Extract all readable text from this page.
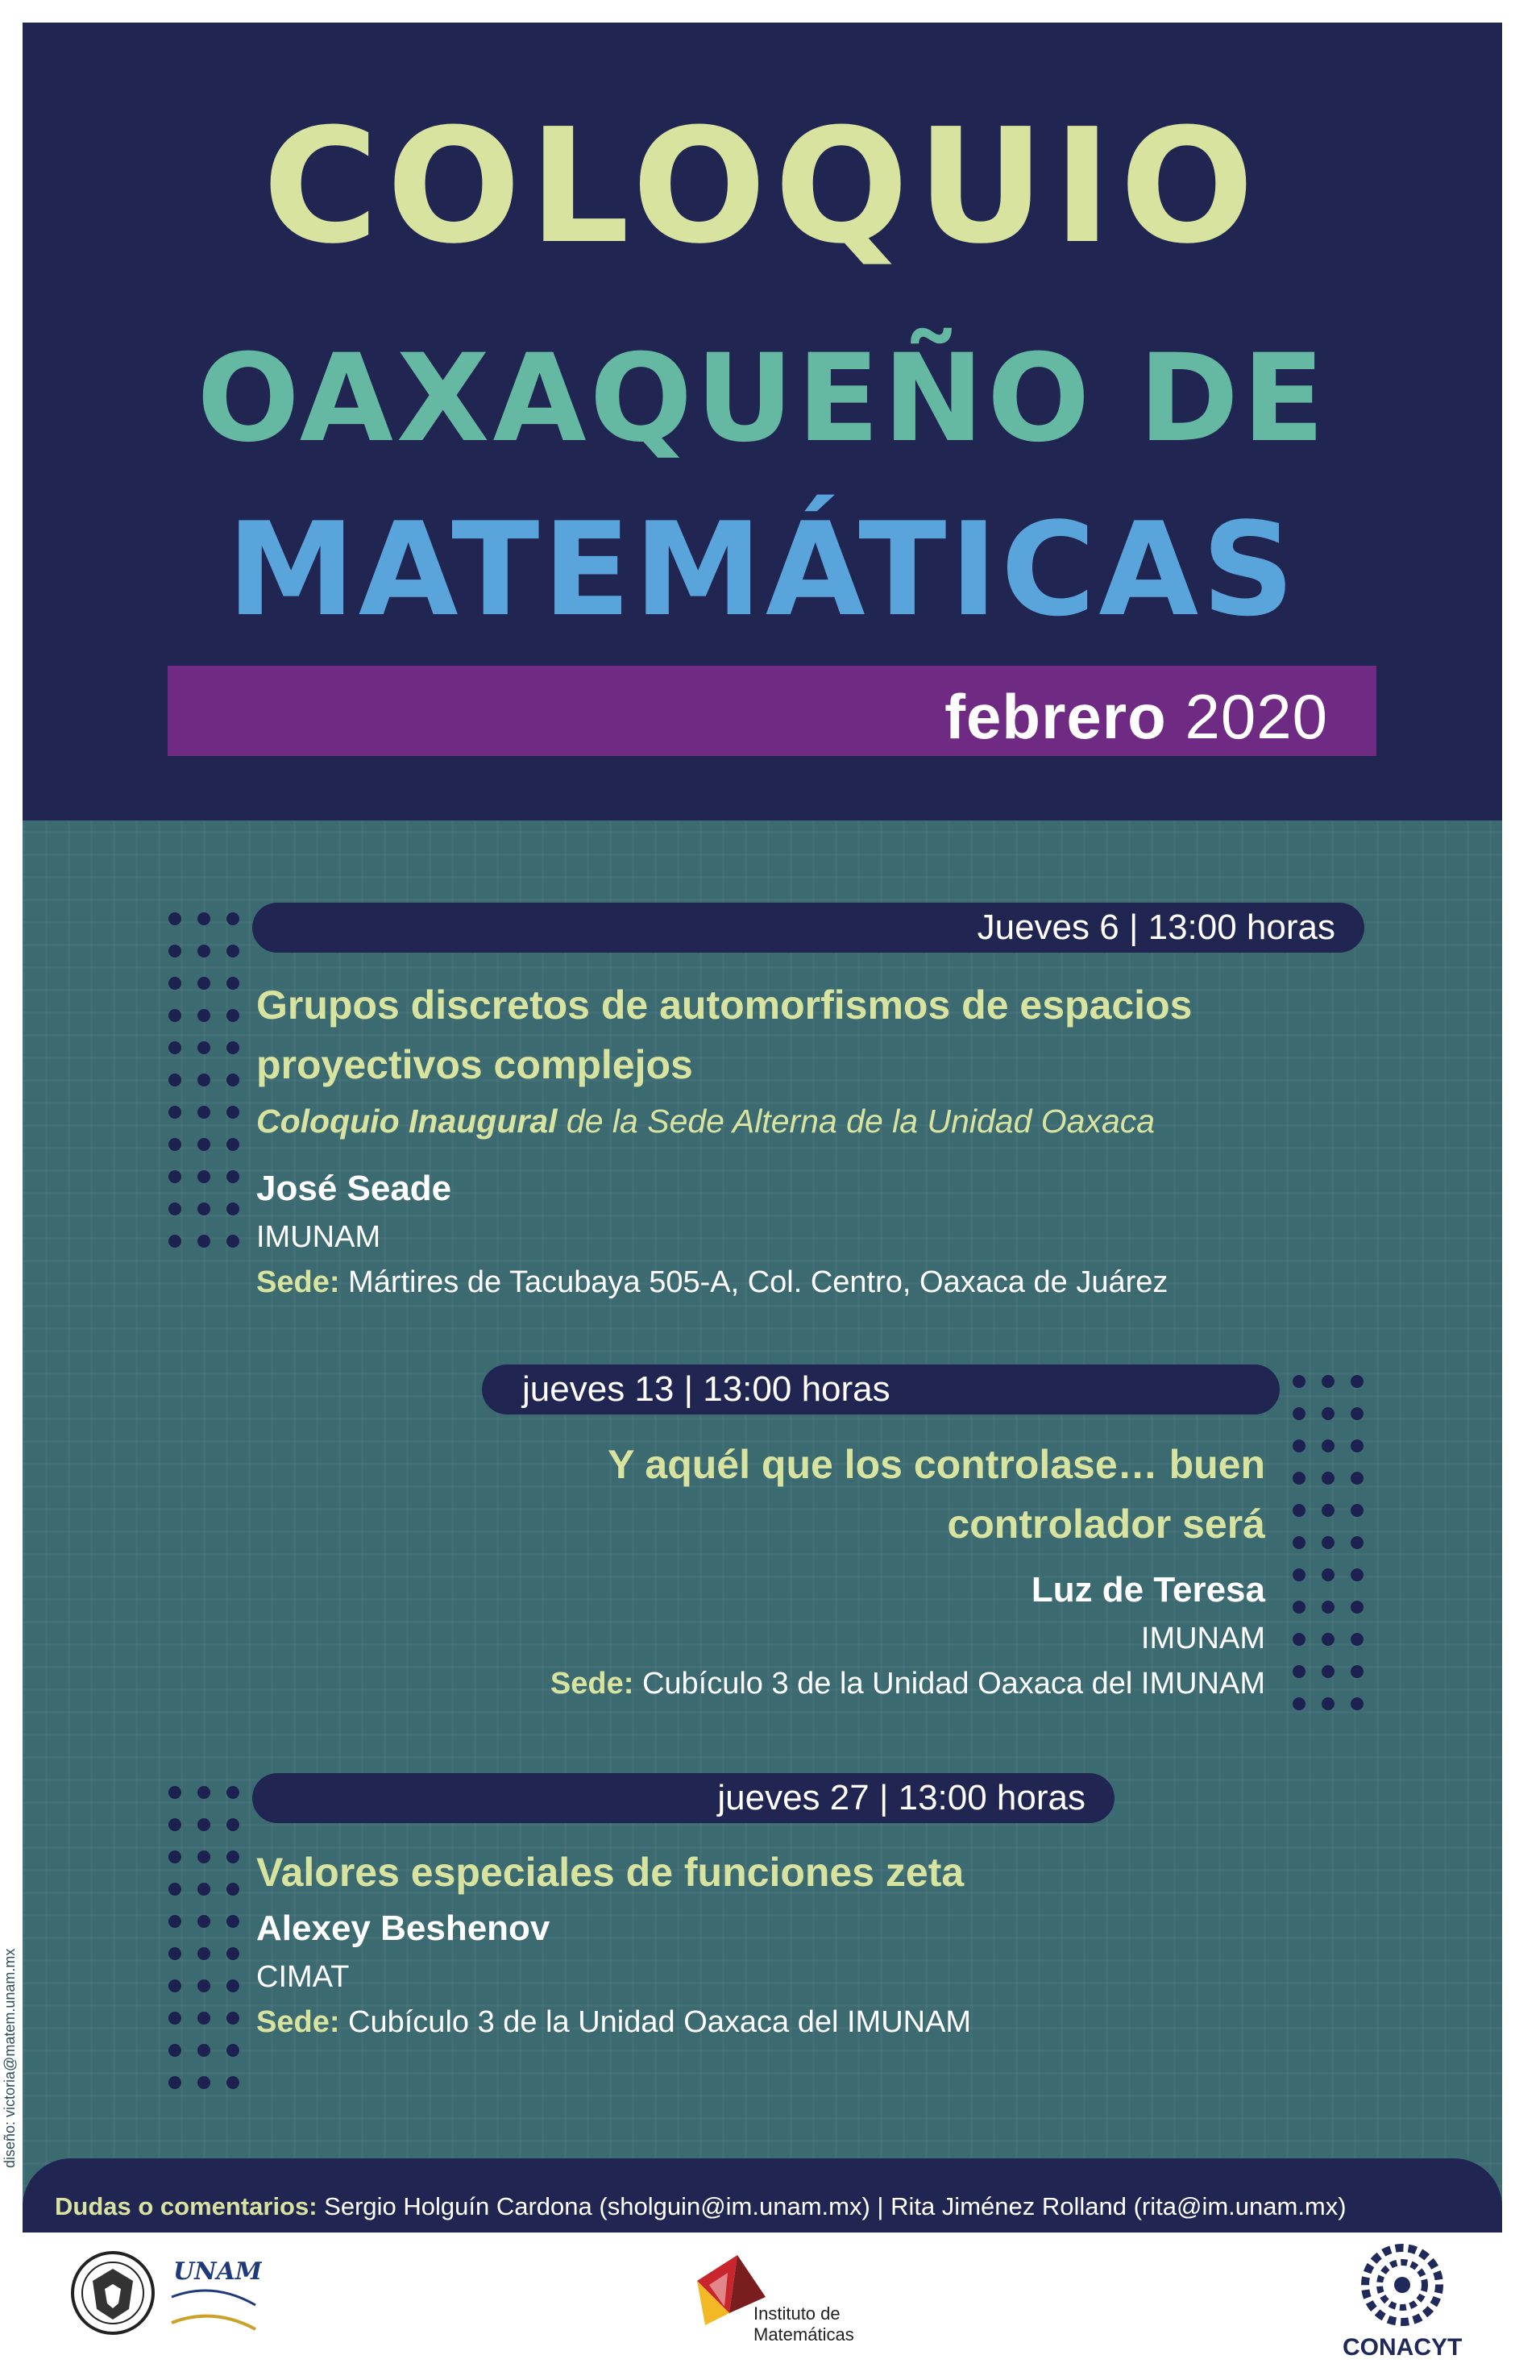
COLOQUIO

OAXAQUEÑO DE

MATEMÁTICAS

febrero 2020
Jueves 6 | 13:00 horas

Grupos discretos de automorfismos de espacios

proyectivos complejos

Coloquio Inaugural de la Sede Alterna de la Unidad Oaxaca
José Seade
IMUNAM
Sede: Mártires de Tacubaya 505-A, Col. Centro, Oaxaca de Juárez
jueves 13 | 13:00 horas

Y aquél que los controlase… buen

controlador será

Luz de Teresa
IMUNAM
Sede: Cubículo 3 de la Unidad Oaxaca del IMUNAM
jueves 27 | 13:00 horas

Valores especiales de funciones zeta

Alexey Beshenov
CIMAT
Sede: Cubículo 3 de la Unidad Oaxaca del IMUNAM
Dudas o comentarios: Sergio Holguín Cardona (sholguin@im.unam.mx) | Rita Jiménez Rolland (rita@im.unam.mx)
diseño: victoria@matem.unam.mx
UNAM
Instituto de
Matemáticas	CONACYT
